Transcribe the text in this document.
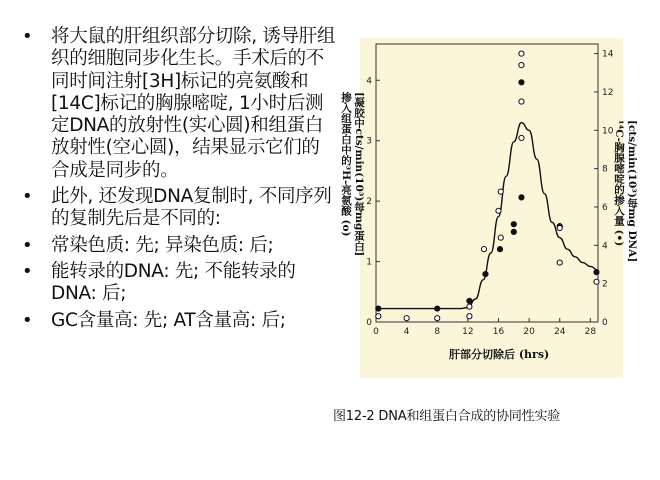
• 将大鼠的肝组织部分切除, 诱导肝组织的细胞同步化生长。手术后的不同时间注射[3H]标记的亮氨酸和[14C]标记的胸腺嘧啶, 1小时后测定DNA的放射性(实心圆)和组蛋白放射性(空心圆)，结果显示它们的合成是同步的。
• 此外, 还发现DNA复制时, 不同序列的复制先后是不同的:
• 常染色质: 先; 异染色质: 后;
• 能转录的DNA: 先; 不能转录的DNA: 后;
• GC含量高: 先; AT含量高: 后;
掺入组蛋白中的³H-亮氨酸 (o) [凝胶中cts/min(10³)每mg蛋白]	¹⁴C-胸腺嘧啶的掺入量 (•) [cts/min(10³)每mg DNA]
0	4	8 12 16 20 24 28
0
1
2
3
4
0
2
4
6
8
10
12
14
肝部分切除后 (hrs)
图12-2 DNA和组蛋白合成的协同性实验
